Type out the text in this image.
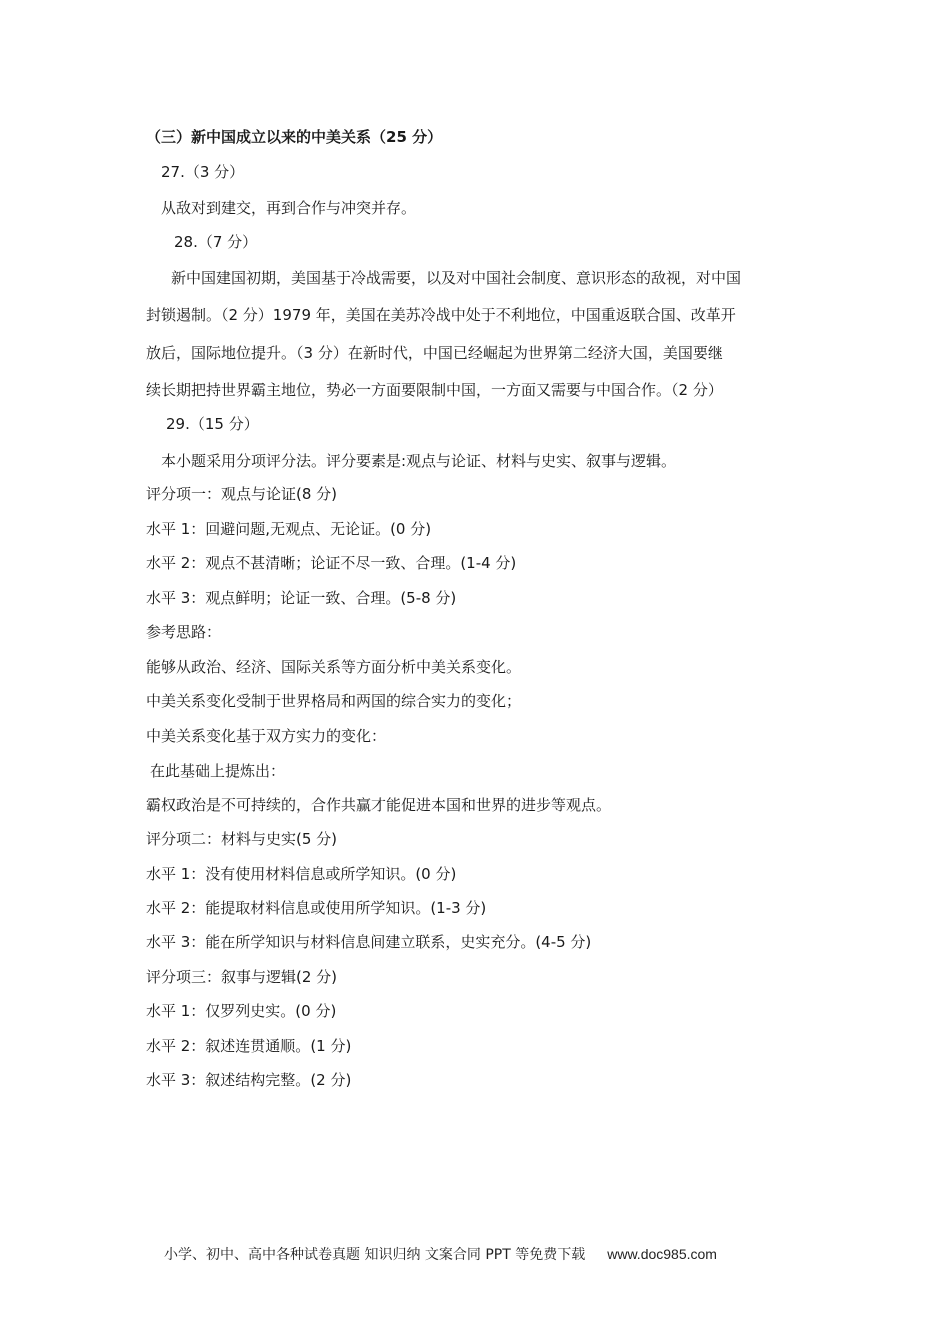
（三）新中国成立以来的中美关系（25 分）
27.（3 分）
从敌对到建交，再到合作与冲突并存。
28.（7 分）
新中国建国初期，美国基于冷战需要，以及对中国社会制度、意识形态的敌视，对中国
封锁遏制。（2 分）1979 年，美国在美苏冷战中处于不利地位，中国重返联合国、改革开
放后，国际地位提升。（3 分）在新时代，中国已经崛起为世界第二经济大国，美国要继
续长期把持世界霸主地位，势必一方面要限制中国，一方面又需要与中国合作。（2 分）
29.（15 分）
本小题采用分项评分法。评分要素是:观点与论证、材料与史实、叙事与逻辑。
评分项一：观点与论证(8 分)
水平 1：回避问题,无观点、无论证。(0 分)
水平 2：观点不甚清晰；论证不尽一致、合理。(1-4 分)
水平 3：观点鲜明；论证一致、合理。(5-8 分)
参考思路：
能够从政治、经济、国际关系等方面分析中美关系变化。
中美关系变化受制于世界格局和两国的综合实力的变化；
中美关系变化基于双方实力的变化：
在此基础上提炼出：
霸权政治是不可持续的，合作共赢才能促进本国和世界的进步等观点。
评分项二：材料与史实(5 分)
水平 1：没有使用材料信息或所学知识。(0 分)
水平 2：能提取材料信息或使用所学知识。(1-3 分)
水平 3：能在所学知识与材料信息间建立联系，史实充分。(4-5 分)
评分项三：叙事与逻辑(2 分)
水平 1：仅罗列史实。(0 分)
水平 2：叙述连贯通顺。(1 分)
水平 3：叙述结构完整。(2 分)
小学、初中、高中各种试卷真题 知识归纳 文案合同 PPT 等免费下载 www.doc985.com
